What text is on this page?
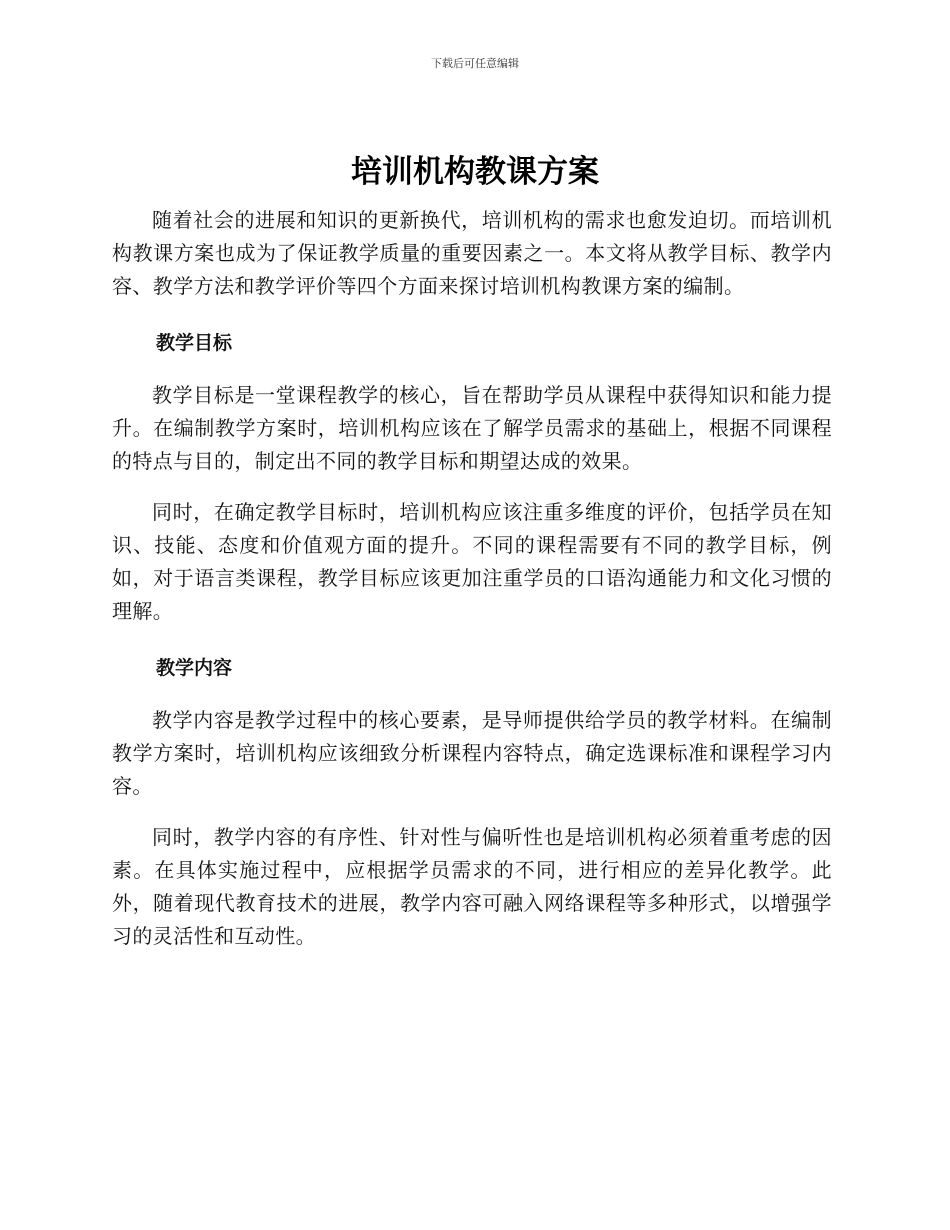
下载后可任意编辑
培训机构教课方案

随着社会的进展和知识的更新换代，培训机构的需求也愈发迫切。而培训机构教课方案也成为了保证教学质量的重要因素之一。本文将从教学目标、教学内容、教学方法和教学评价等四个方面来探讨培训机构教课方案的编制。

教学目标

教学目标是一堂课程教学的核心，旨在帮助学员从课程中获得知识和能力提升。在编制教学方案时，培训机构应该在了解学员需求的基础上，根据不同课程的特点与目的，制定出不同的教学目标和期望达成的效果。

同时，在确定教学目标时，培训机构应该注重多维度的评价，包括学员在知识、技能、态度和价值观方面的提升。不同的课程需要有不同的教学目标，例如，对于语言类课程，教学目标应该更加注重学员的口语沟通能力和文化习惯的理解。

教学内容

教学内容是教学过程中的核心要素，是导师提供给学员的教学材料。在编制教学方案时，培训机构应该细致分析课程内容特点，确定选课标准和课程学习内容。

同时，教学内容的有序性、针对性与偏听性也是培训机构必须着重考虑的因素。在具体实施过程中，应根据学员需求的不同，进行相应的差异化教学。此外，随着现代教育技术的进展，教学内容可融入网络课程等多种形式，以增强学习的灵活性和互动性。
